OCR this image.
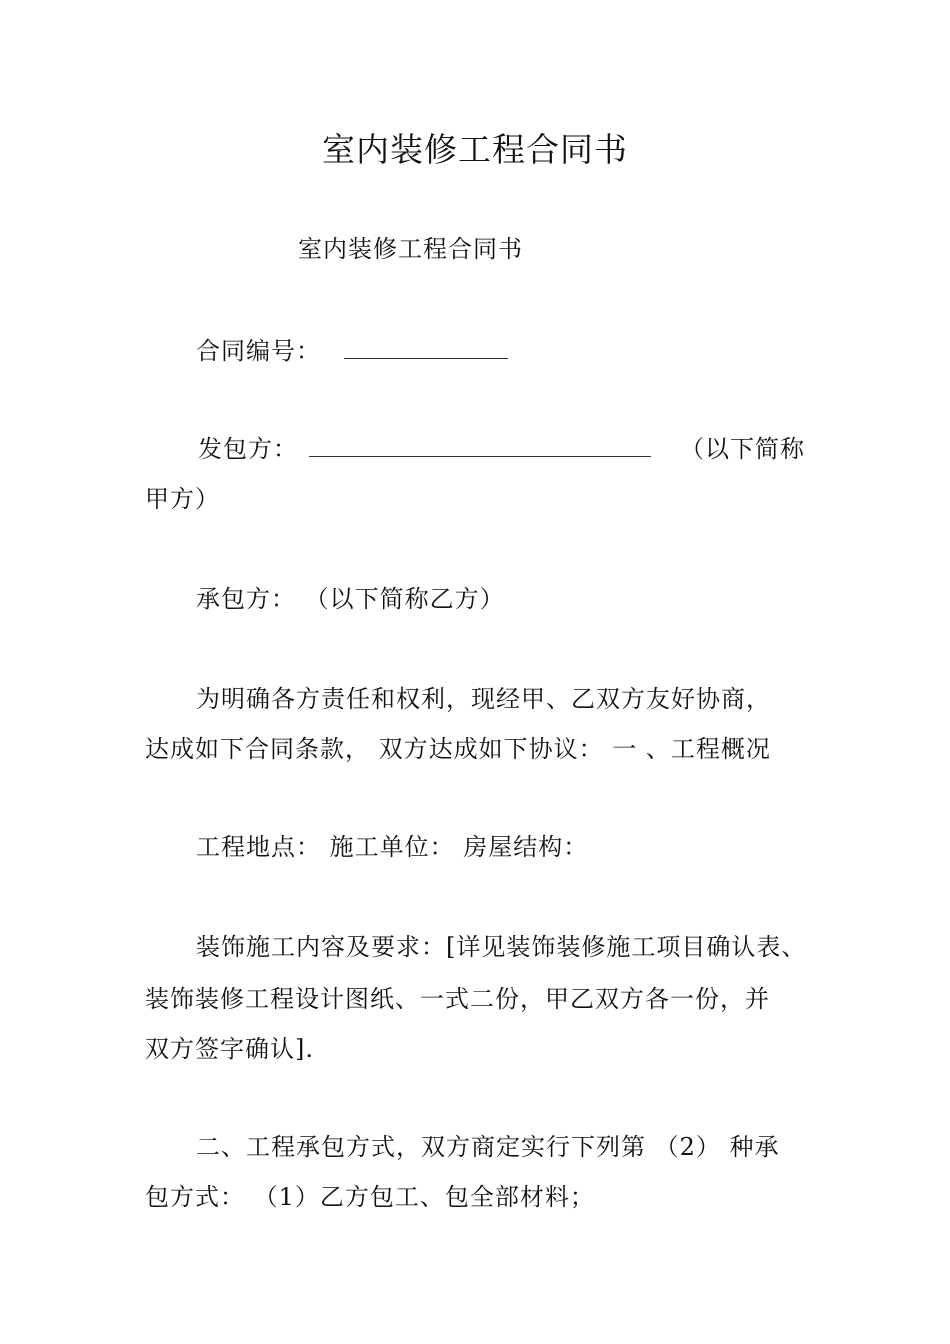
室内装修工程合同书
室内装修工程合同书
合同编号：
发包方：	（以下简称
甲方）
承包方： （以下简称乙方）
为明确各方责任和权利，现经甲、乙双方友好协商，
达成如下合同条款， 双方达成如下协议： 一 、工程概况
工程地点： 施工单位： 房屋结构：
装饰施工内容及要求：[详见装饰装修施工项目确认表、
装饰装修工程设计图纸、一式二份，甲乙双方各一份，并
双方签字确认].
二、工程承包方式，双方商定实行下列第 （2） 种承
包方式： （1）乙方包工、包全部材料；
